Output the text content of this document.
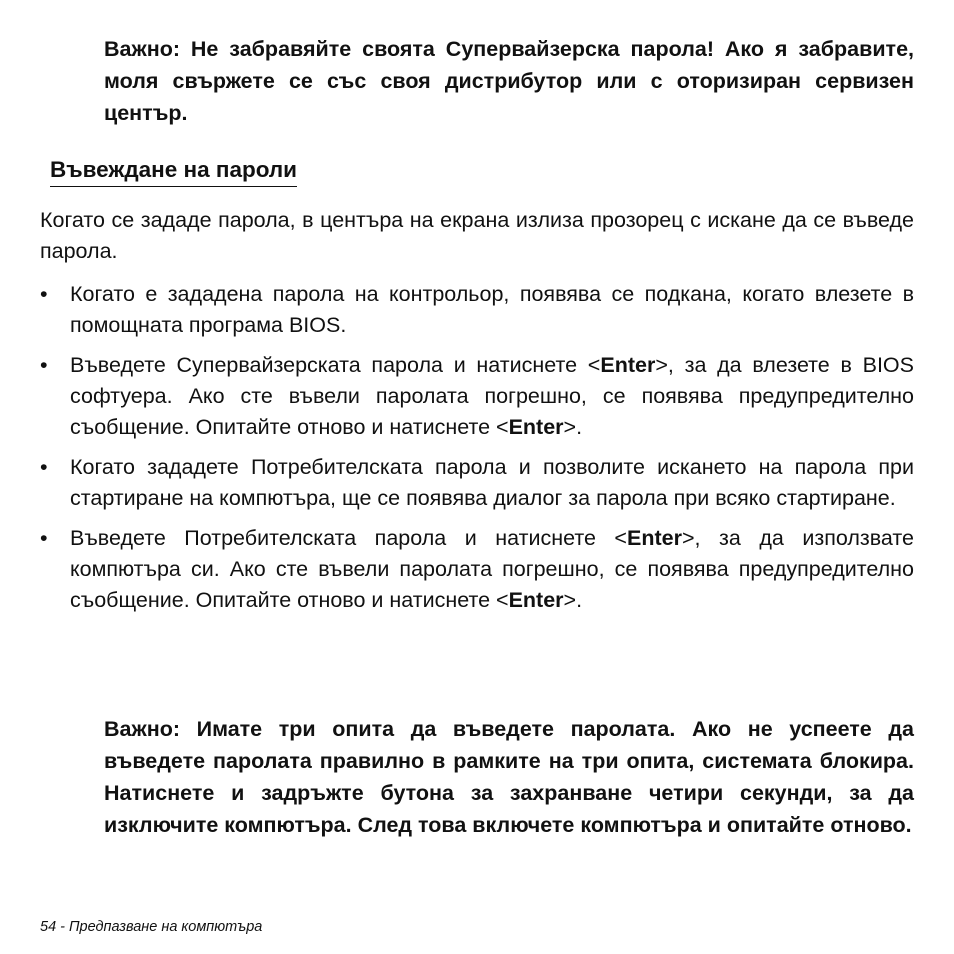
Важно: Не забравяйте своята Супервайзерска парола! Ако я забравите, моля свържете се със своя дистрибутор или с оторизиран сервизен център.
Въвеждане на пароли
Когато се зададе парола, в центъра на екрана излиза прозорец с искане да се въведе парола.
• Когато е зададена парола на контрольор, появява се подкана, когато влезете в помощната програма BIOS.
• Въведете Супервайзерската парола и натиснете <Enter>, за да влезете в BIOS софтуера. Ако сте въвели паролата погрешно, се появява предупредително съобщение. Опитайте отново и натиснете <Enter>.
• Когато зададете Потребителската парола и позволите искането на парола при стартиране на компютъра, ще се появява диалог за парола при всяко стартиране.
• Въведете Потребителската парола и натиснете <Enter>, за да използвате компютъра си. Ако сте въвели паролата погрешно, се появява предупредително съобщение. Опитайте отново и натиснете <Enter>.
Важно: Имате три опита да въведете паролата. Ако не успеете да въведете паролата правилно в рамките на три опита, системата блокира. Натиснете и задръжте бутона за захранване четири секунди, за да изключите компютъра. След това включете компютъра и опитайте отново.
54 - Предпазване на компютъра
